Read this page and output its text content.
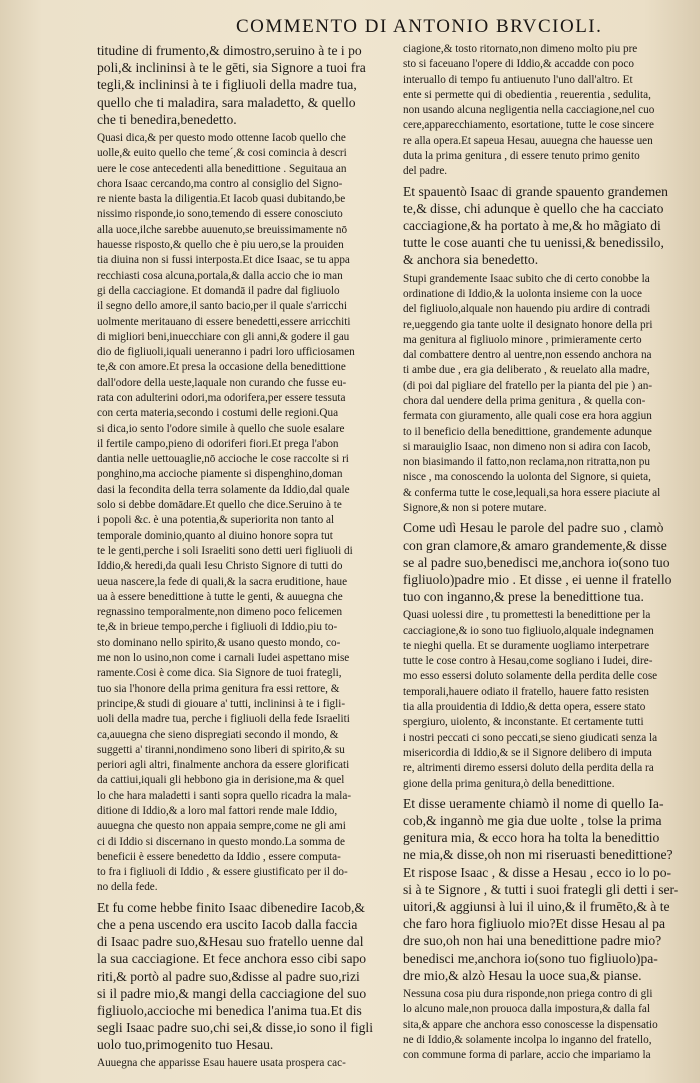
COMMENTO DI ANTONIO BRVCIOLI.
titudine di frumento,& dimostro,seruino à te i po
poli,& inclininsi à te le gēti, sia Signore a tuoi fra
tegli,& inclininsi à te i figliuoli della madre tua,
quello che ti maladira, sara maladetto, & quello
che ti benedira,benedetto.
Quasi dica,& per questo modo ottenne Iacob quello che
uolle,& euito quello che temeˊ,& cosi comincia à descri
uere le cose antecedenti alla benedittione . Seguitaua an
chora Isaac cercando,ma contro al consiglio del Signo-
re niente basta la diligentia.Et Iacob quasi dubitando,be
nissimo risponde,io sono,temendo di essere conosciuto
alla uoce,ilche sarebbe auuenuto,se breuissimamente nō
hauesse risposto,& quello che è piu uero,se la prouiden
tia diuina non si fussi interposta.Et dice Isaac, se tu appa
recchiasti cosa alcuna,portala,& dalla accio che io man
gi della cacciagione. Et domandā il padre dal figliuolo
il segno dello amore,il santo bacio,per il quale s'arricchi
uolmente meritauano di essere benedetti,essere arricchiti
di migliori beni,inuecchiare con gli anni,& godere il gau
dio de figliuoli,iquali ueneranno i padri loro ufficiosamen
te,& con amore.Et presa la occasione della benedittione
dall'odore della ueste,laquale non curando che fusse eu-
rata con adulterini odori,ma odorifera,per essere tessuta
con certa materia,secondo i costumi delle regioni.Qua
si dica,io sento l'odore simile à quello che suole esalare
il fertile campo,pieno di odoriferi fiori.Et prega l'abon
dantia nelle uettouaglie,nō accioche le cose raccolte si ri
ponghino,ma accioche piamente si dispenghino,doman
dasi la fecondita della terra solamente da Iddio,dal quale
solo si debbe domādare.Et quello che dice.Seruino à te
i popoli &c. è una potentia,& superiorita non tanto al
temporale dominio,quanto al diuino honore sopra tut
te le genti,perche i soli Israeliti sono detti ueri figliuoli di
Iddio,& heredi,da quali Iesu Christo Signore di tutti do
ueua nascere,la fede di quali,& la sacra eruditione, haue
ua à essere benedittione à tutte le genti, & auuegna che
regnassino temporalmente,non dimeno poco felicemen
te,& in brieue tempo,perche i figliuoli di Iddio,piu to-
sto dominano nello spirito,& usano questo mondo, co-
me non lo usino,non come i carnali Iudei aspettano mise
ramente.Cosi è come dica. Sia Signore de tuoi frategli,
tuo sia l'honore della prima genitura fra essi rettore, &
principe,& studi di giouare a' tutti, inclininsi à te i figli-
uoli della madre tua, perche i figliuoli della fede Israeliti
ca,auuegna che sieno dispregiati secondo il mondo, &
suggetti a' tiranni,nondimeno sono liberi di spirito,& su
periori agli altri, finalmente anchora da essere glorificati
da cattiui,iquali gli hebbono gia in derisione,ma & quel
lo che hara maladetti i santi sopra quello ricadra la mala-
ditione di Iddio,& a loro mal fattori rende male Iddio,
auuegna che questo non appaia sempre,come ne gli ami
ci di Iddio si discernano in questo mondo.La somma de
beneficii è essere benedetto da Iddio , essere computa-
to fra i figliuoli di Iddio , & essere giustificato per il do-
no della fede.
Et fu come hebbe finito Isaac dibenedire Iacob,&
che a pena uscendo era uscito Iacob dalla faccia
di Isaac padre suo,&Hesau suo fratello uenne dal
la sua cacciagione. Et fece anchora esso cibi sapo
riti,& portò al padre suo,&disse al padre suo,rizi
si il padre mio,& mangi della cacciagione del suo
figliuolo,accioche mi benedica l'anima tua.Et dis
segli Isaac padre suo,chi sei,& disse,io sono il figli
uolo tuo,primogenito tuo Hesau.
Auuegna che apparisse Esau hauere usata prospera cac-
ciagione,& tosto ritornato,non dimeno molto piu pre
sto si faceuano l'opere di Iddio,& accadde con poco
interuallo di tempo fu antiuenuto l'uno dall'altro. Et
ente si permette qui di obedientia , reuerentia , sedulita,
non usando alcuna negligentia nella cacciagione,nel cuo
cere,apparecchiamento, esortatione, tutte le cose sincere
re alla opera.Et sapeua Hesau, auuegna che hauesse uen
duta la prima genitura , di essere tenuto primo genito
del padre.
Et spauentò Isaac di grande spauento grandemen
te,& disse, chi adunque è quello che ha cacciato
cacciagione,& ha portato à me,& ho mãgiato di
tutte le cose auanti che tu uenissi,& benedissilo,
& anchora sia benedetto.
Stupi grandemente Isaac subito che di certo conobbe la
ordinatione di Iddio,& la uolonta insieme con la uoce
del figliuolo,alquale non hauendo piu ardire di contradi
re,ueggendo gia tante uolte il designato honore della pri
ma genitura al figliuolo minore , primieramente certo
dal combattere dentro al uentre,non essendo anchora na
ti ambe due , era gia deliberato , & reuelato alla madre,
(di poi dal pigliare del fratello per la pianta del pie ) an-
chora dal uendere della prima genitura , & quella con-
fermata con giuramento, alle quali cose era hora aggiun
to il beneficio della benedittione, grandemente adunque
si marauiglio Isaac, non dimeno non si adira con Iacob,
non biasimando il fatto,non reclama,non ritratta,non pu
nisce , ma conoscendo la uolonta del Signore, si quieta,
& conferma tutte le cose,lequali,sa hora essere piaciute al
Signore,& non si potere mutare.
Come udì Hesau le parole del padre suo , clamò
con gran clamore,& amaro grandemente,& disse
se al padre suo,benedisci me,anchora io(sono tuo
figliuolo)padre mio . Et disse , ei uenne il fratello
tuo con inganno,& prese la benedittione tua.
Quasi uolessi dire , tu promettesti la benedittione per la
cacciagione,& io sono tuo figliuolo,alquale indegnamen
te nieghi quella. Et se duramente uogliamo interpetrare
tutte le cose contro à Hesau,come sogliano i Iudei, dire-
mo esso essersi doluto solamente della perdita delle cose
temporali,hauere odiato il fratello, hauere fatto resisten
tia alla prouidentia di Iddio,& detta opera, essere stato
spergiuro, uiolento, & inconstante. Et certamente tutti
i nostri peccati ci sono peccati,se sieno giudicati senza la
misericordia di Iddio,& se il Signore delibero di imputa
re, altrimenti diremo essersi doluto della perdita della ra
gione della prima genitura,ò della benedittione.
Et disse ueramente chiamò il nome di quello Ia-
cob,& ingannò me gia due uolte , tolse la prima
genitura mia, & ecco hora ha tolta la benedittio
ne mia,& disse,oh non mi riseruasti benedittione?
Et rispose Isaac , & disse a Hesau , ecco io lo po-
si à te Signore , & tutti i suoi frategli gli detti i ser-
uitori,& aggiunsi à lui il uino,& il frumēto,& à te
che faro hora figliuolo mio?Et disse Hesau al pa
dre suo,oh non hai una benedittione padre mio?
benedisci me,anchora io(sono tuo figliuolo)pa-
dre mio,& alzò Hesau la uoce sua,& pianse.
Nessuna cosa piu dura risponde,non priega contro di gli
lo alcuno male,non prouoca dalla impostura,& dalla fal
sita,& appare che anchora esso conoscesse la dispensatio
ne di Iddio,& solamente incolpa lo inganno del fratello,
con commune forma di parlare, accio che impariamo la
